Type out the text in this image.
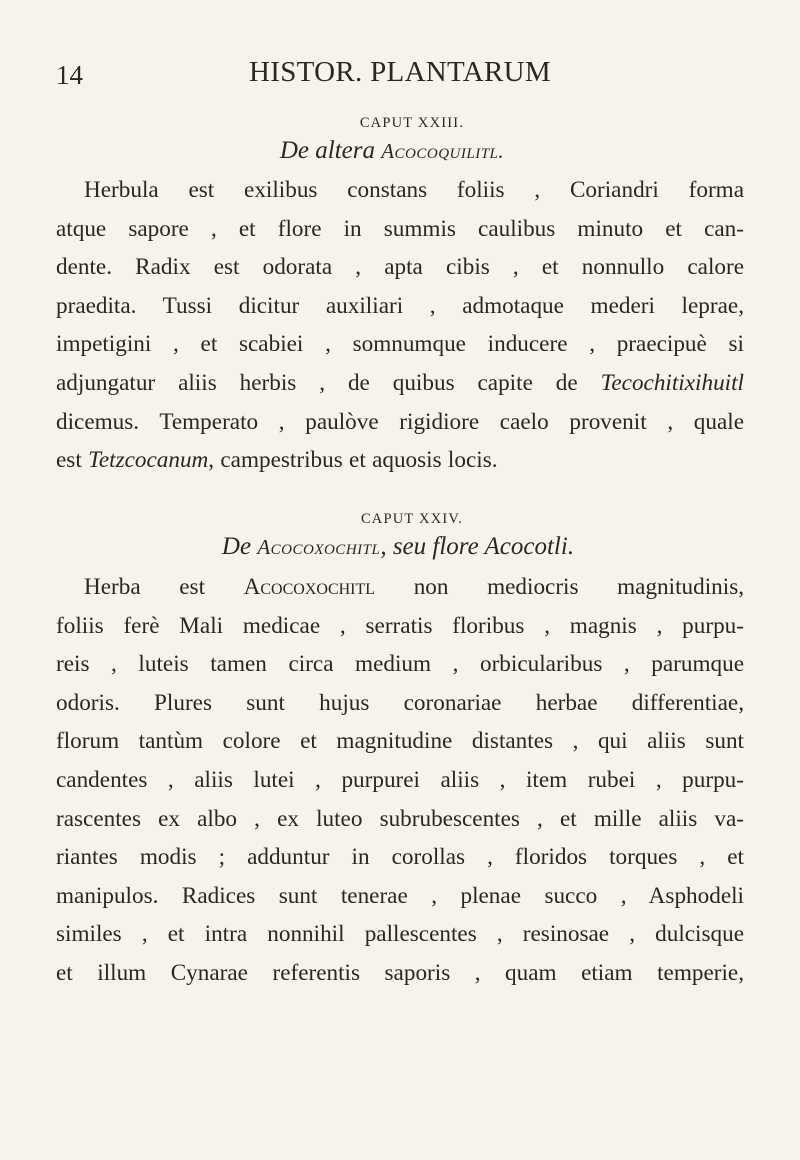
14	HISTOR. PLANTARUM
CAPUT XXIII.
De altera Acocoquilitl.
Herbula est exilibus constans foliis , Coriandri forma
atque sapore , et flore in summis caulibus minuto et can-
dente. Radix est odorata , apta cibis , et nonnullo calore
praedita. Tussi dicitur auxiliari , admotaque mederi leprae,
impetigini , et scabiei , somnumque inducere , praecipuè si
adjungatur aliis herbis , de quibus capite de Tecochitixihuitl
dicemus. Temperato , paulòve rigidiore caelo provenit , quale
est Tetzcocanum, campestribus et aquosis locis.
CAPUT XXIV.
De Acocoxochitl, seu flore Acocotli.
Herba est Acocoxochitl non mediocris magnitudinis,
foliis ferè Mali medicae , serratis floribus , magnis , purpu-
reis , luteis tamen circa medium , orbicularibus , parumque
odoris. Plures sunt hujus coronariae herbae differentiae,
florum tantùm colore et magnitudine distantes , qui aliis sunt
candentes , aliis lutei , purpurei aliis , item rubei , purpu-
rascentes ex albo , ex luteo subrubescentes , et mille aliis va-
riantes modis ; adduntur in corollas , floridos torques , et
manipulos. Radices sunt tenerae , plenae succo , Asphodeli
similes , et intra nonnihil pallescentes , resinosae , dulcisque
et illum Cynarae referentis saporis , quam etiam temperie,
